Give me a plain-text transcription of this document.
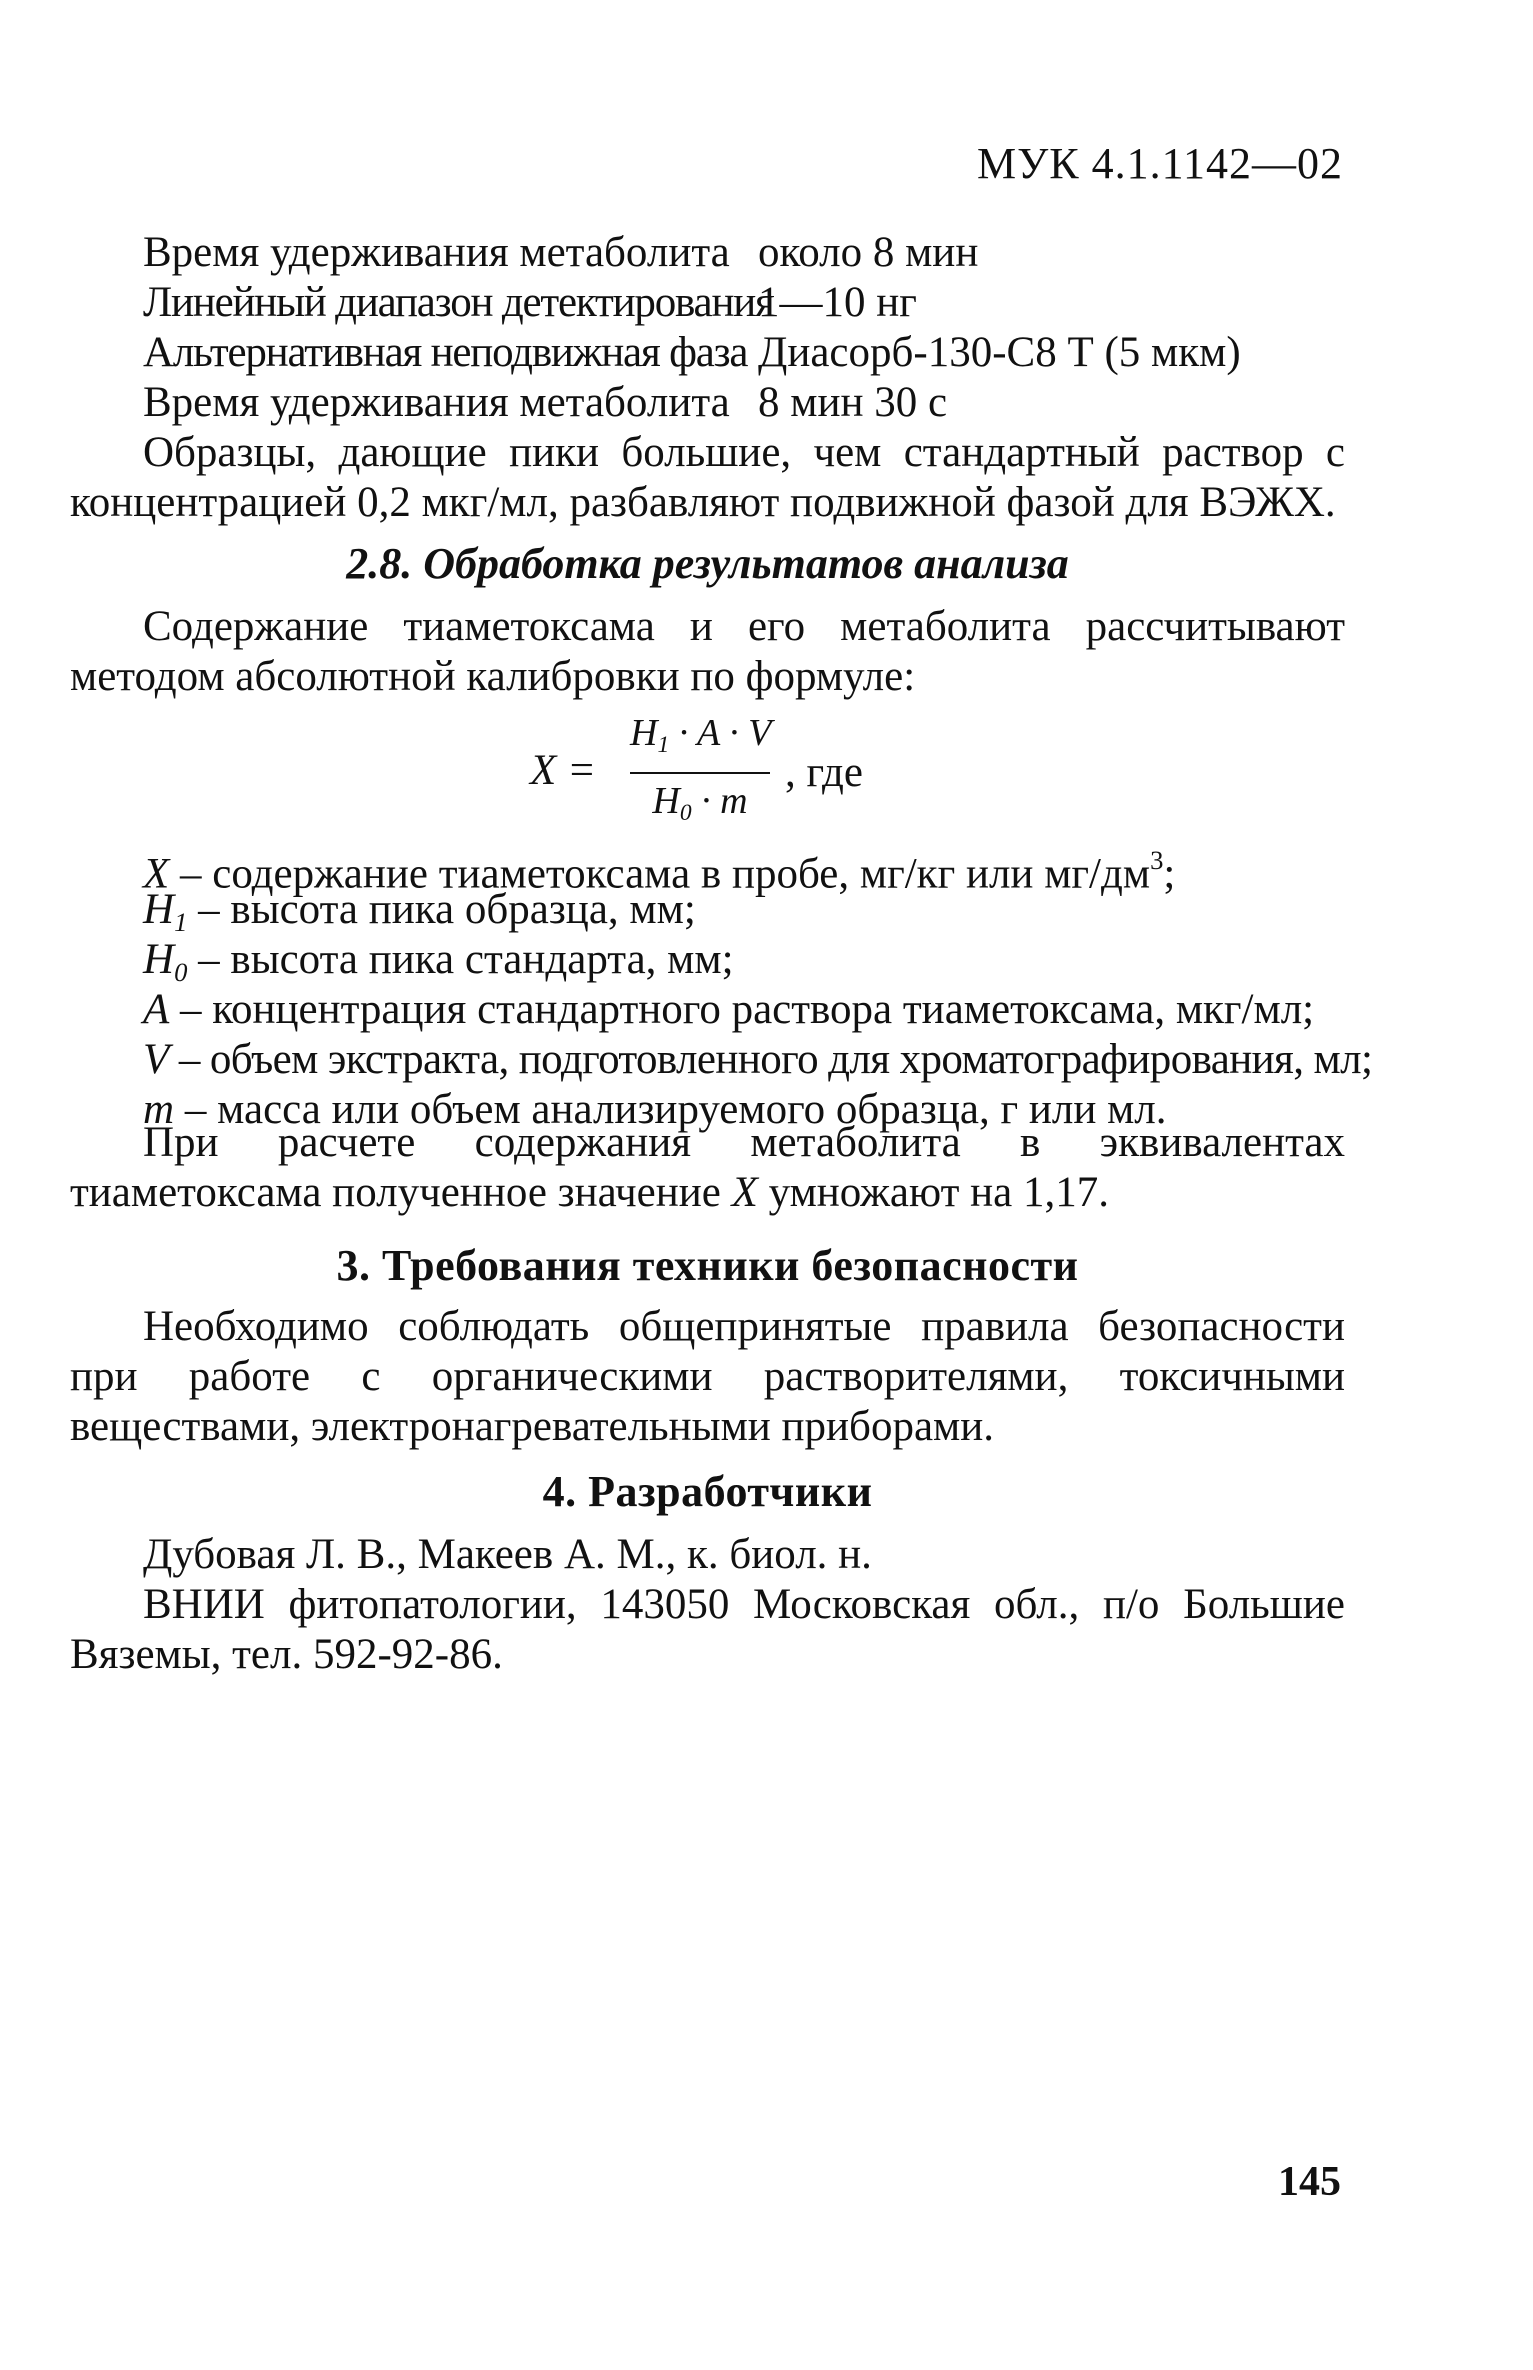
МУК 4.1.1142—02
Время удерживания метаболита около 8 мин
Линейный диапазон детектирования
1—10 нг
Альтернативная неподвижная фаза Диасорб-130-С8 Т (5 мкм)
Время удерживания метаболита 8 мин 30 с

Образцы, дающие пики большие, чем стандартный раствор с концентрацией 0,2 мкг/мл, разбавляют подвижной фазой для ВЭЖХ.

2.8. Обработка результатов анализа

Содержание тиаметоксама и его метаболита рассчитывают методом абсолютной калибровки по формуле:

X =
$H_1 \cdot A \cdot V$
$H_0 \cdot m$
, где
X – содержание тиаметоксама в пробе, мг/кг или $мг/дм^3$;
$H_1$ – высота пика образца, мм;
$H_0$ – высота пика стандарта, мм;
A – концентрация стандартного раствора тиаметоксама, мкг/мл;
V – объем экстракта, подготовленного для хроматографирования, мл;
m – масса или объем анализируемого образца, г или мл.

При расчете содержания метаболита в эквивалентах тиаметоксама полученное значение X умножают на 1,17.

3. Требования техники безопасности

Необходимо соблюдать общепринятые правила безопасности при работе с органическими растворителями, токсичными веществами, электронагревательными приборами.

4. Разработчики

Дубовая Л. В., Макеев А. М., к. биол. н.

ВНИИ фитопатологии, 143050 Московская обл., п/о Большие Вяземы, тел. 592-92-86.

145
